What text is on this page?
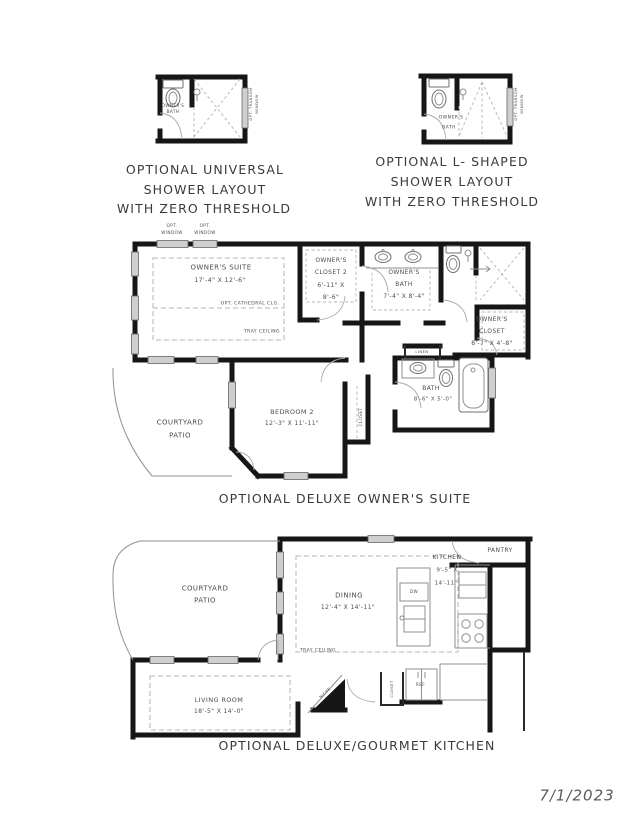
OWNER'S
BATH	OPT. TRANSOM WINDOW
OPTIONAL UNIVERSAL
SHOWER LAYOUT
WITH ZERO THRESHOLD
OWNER'S
BATH
OPT. TRANSOM WINDOW
OPTIONAL L- SHAPED
SHOWER LAYOUT
WITH ZERO THRESHOLD
OPT.
WINDOW
OPT.
WINDOW
OWNER'S SUITE
17'-4" X 12'-6"
OPT. CATHEDRAL CLG.
TRAY CEILING
OWNER'S
CLOSET 2
6'-11" X
8'-6"
OWNER'S
BATH
7'-4" X 8'-4"
OWNER'S
CLOSET
8'-7" X 4'-8"
LINEN
BATH
8'-6" X 5'-0"
BEDROOM 2
12'-3" X 11'-11"	CLOSET
COURTYARD
PATIO
OPTIONAL DELUXE OWNER'S SUITE
COURTYARD
PATIO
DINING
12'-4" X 14'-11"
TRAY CEILING
KITCHEN
9'-5" X
14'-11"
PANTRY
DW
REF.
CLOSET
NICHE
LIVING ROOM
18'-5" X 14'-0"
OPTIONAL DELUXE/GOURMET KITCHEN
7/1/2023
